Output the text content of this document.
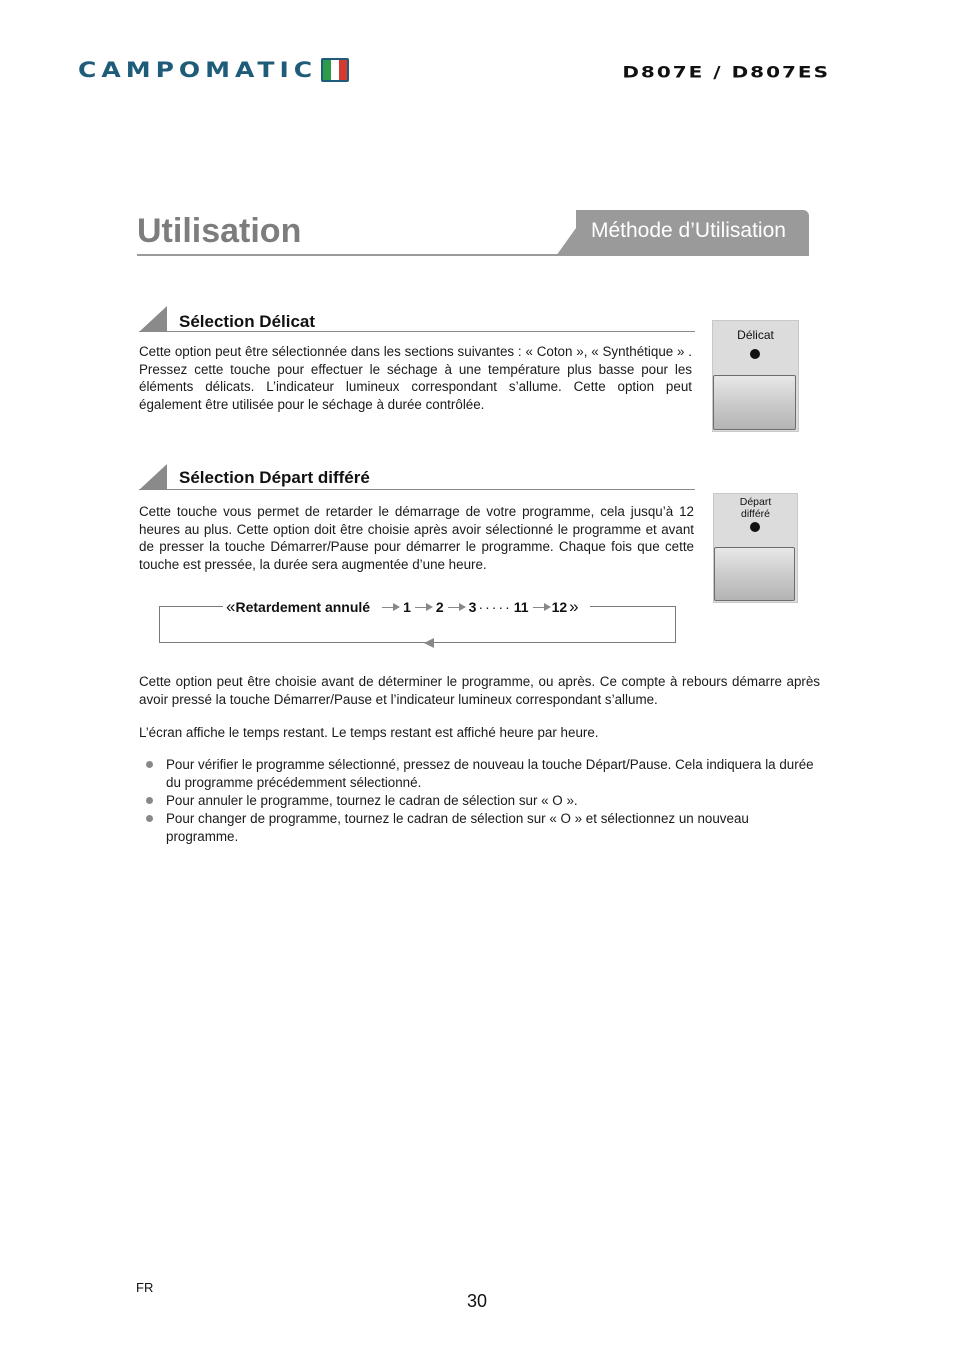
CAMPOMATIC	D807E / D807ES
Utilisation	Méthode d’Utilisation
Sélection Délicat
Cette option peut être sélectionnée dans les sections suivantes : « Coton », « Synthétique » . Pressez cette touche pour effectuer le séchage à une température plus basse pour les éléments délicats. L’indicateur lumineux correspondant s’allume. Cette option peut également être utilisée pour le séchage à durée contrôlée.
Délicat
Sélection Départ différé
Cette touche vous permet de retarder le démarrage de votre programme, cela jusqu’à 12 heures au plus. Cette option doit être choisie après avoir sélectionné le programme et avant de presser la touche Démarrer/Pause pour démarrer le programme. Chaque fois que cette touche est pressée, la durée sera augmentée d’une heure.
Départ
différé
« Retardement annulé 1 2 3 ····· 11 12 »
Cette option peut être choisie avant de déterminer le programme, ou après. Ce compte à rebours démarre après avoir pressé la touche Démarrer/Pause et l’indicateur lumineux correspondant s’allume.
L’écran affiche le temps restant. Le temps restant est affiché heure par heure.
Pour vérifier le programme sélectionné, pressez de nouveau la touche Départ/Pause. Cela indiquera la durée du programme précédemment sélectionné.
Pour annuler le programme, tournez le cadran de sélection sur « O ».
Pour changer de programme, tournez le cadran de sélection sur « O » et sélectionnez un nouveau programme.
FR
30
